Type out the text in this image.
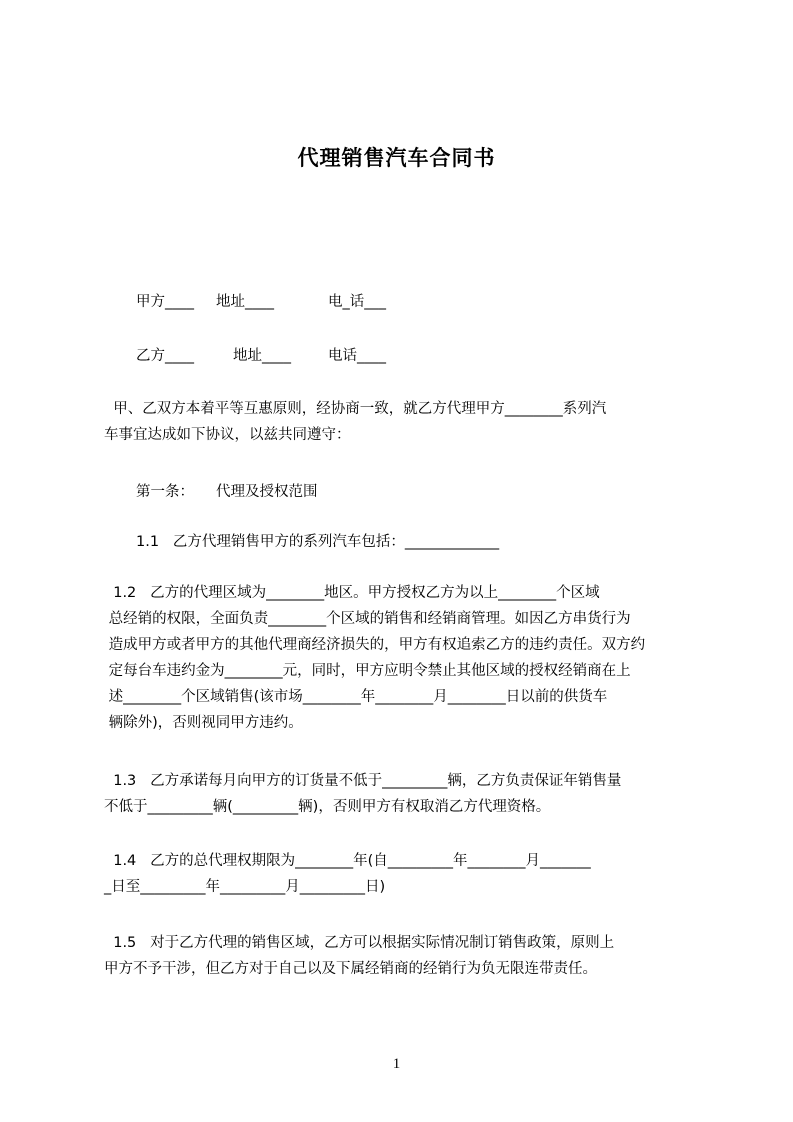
代理销售汽车合同书
甲方____ 地址____	电_话___
乙方____	地址____	电话____
甲、乙双方本着平等互惠原则，经协商一致，就乙方代理甲方________系列汽
车事宜达成如下协议，以兹共同遵守：
第一条： 代理及授权范围
1.1   乙方代理销售甲方的系列汽车包括：_____________
1.2   乙方的代理区域为________地区。甲方授权乙方为以上________个区域
总经销的权限，全面负责________个区域的销售和经销商管理。如因乙方串货行为
造成甲方或者甲方的其他代理商经济损失的，甲方有权追索乙方的违约责任。双方约
定每台车违约金为________元，同时，甲方应明令禁止其他区域的授权经销商在上
述________个区域销售(该市场________年________月________日以前的供货车
辆除外)，否则视同甲方违约。
1.3   乙方承诺每月向甲方的订货量不低于_________辆，乙方负责保证年销售量
不低于_________辆(_________辆)，否则甲方有权取消乙方代理资格。
1.4   乙方的总代理权期限为________年(自_________年________月_______
_日至_________年_________月_________日)
1.5   对于乙方代理的销售区域，乙方可以根据实际情况制订销售政策，原则上
甲方不予干涉，但乙方对于自己以及下属经销商的经销行为负无限连带责任。
1
